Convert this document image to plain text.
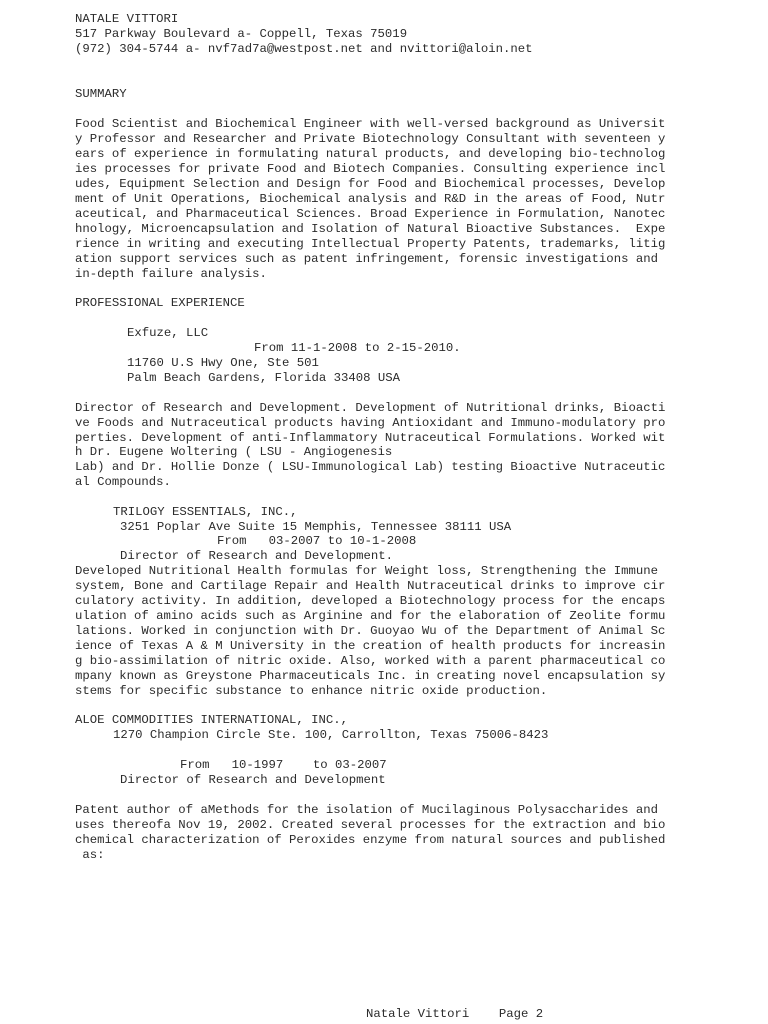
NATALE VITTORI
517 Parkway Boulevard a- Coppell, Texas 75019
(972) 304-5744 a- nvf7ad7a@westpost.net and nvittori@aloin.net
SUMMARY
Food Scientist and Biochemical Engineer with well-versed background as Universit
y Professor and Researcher and Private Biotechnology Consultant with seventeen y
ears of experience in formulating natural products, and developing bio-technolog
ies processes for private Food and Biotech Companies. Consulting experience incl
udes, Equipment Selection and Design for Food and Biochemical processes, Develop
ment of Unit Operations, Biochemical analysis and R&D in the areas of Food, Nutr
aceutical, and Pharmaceutical Sciences. Broad Experience in Formulation, Nanotec
hnology, Microencapsulation and Isolation of Natural Bioactive Substances.  Expe
rience in writing and executing Intellectual Property Patents, trademarks, litig
ation support services such as patent infringement, forensic investigations and
in-depth failure analysis.
PROFESSIONAL EXPERIENCE
Exfuze, LLC
From 11-1-2008 to 2-15-2010.
11760 U.S Hwy One, Ste 501
Palm Beach Gardens, Florida 33408 USA
Director of Research and Development. Development of Nutritional drinks, Bioacti
ve Foods and Nutraceutical products having Antioxidant and Immuno-modulatory pro
perties. Development of anti-Inflammatory Nutraceutical Formulations. Worked wit
h Dr. Eugene Woltering ( LSU - Angiogenesis
Lab) and Dr. Hollie Donze ( LSU-Immunological Lab) testing Bioactive Nutraceutic
al Compounds.
TRILOGY ESSENTIALS, INC.,
3251 Poplar Ave Suite 15 Memphis, Tennessee 38111 USA
From   03-2007 to 10-1-2008
Director of Research and Development.
Developed Nutritional Health formulas for Weight loss, Strengthening the Immune
system, Bone and Cartilage Repair and Health Nutraceutical drinks to improve cir
culatory activity. In addition, developed a Biotechnology process for the encaps
ulation of amino acids such as Arginine and for the elaboration of Zeolite formu
lations. Worked in conjunction with Dr. Guoyao Wu of the Department of Animal Sc
ience of Texas A & M University in the creation of health products for increasin
g bio-assimilation of nitric oxide. Also, worked with a parent pharmaceutical co
mpany known as Greystone Pharmaceuticals Inc. in creating novel encapsulation sy
stems for specific substance to enhance nitric oxide production.
ALOE COMMODITIES INTERNATIONAL, INC.,
1270 Champion Circle Ste. 100, Carrollton, Texas 75006-8423
From   10-1997    to 03-2007
Director of Research and Development
Patent author of aMethods for the isolation of Mucilaginous Polysaccharides and
uses thereofa Nov 19, 2002. Created several processes for the extraction and bio
chemical characterization of Peroxides enzyme from natural sources and published
as:
Natale Vittori    Page 2
